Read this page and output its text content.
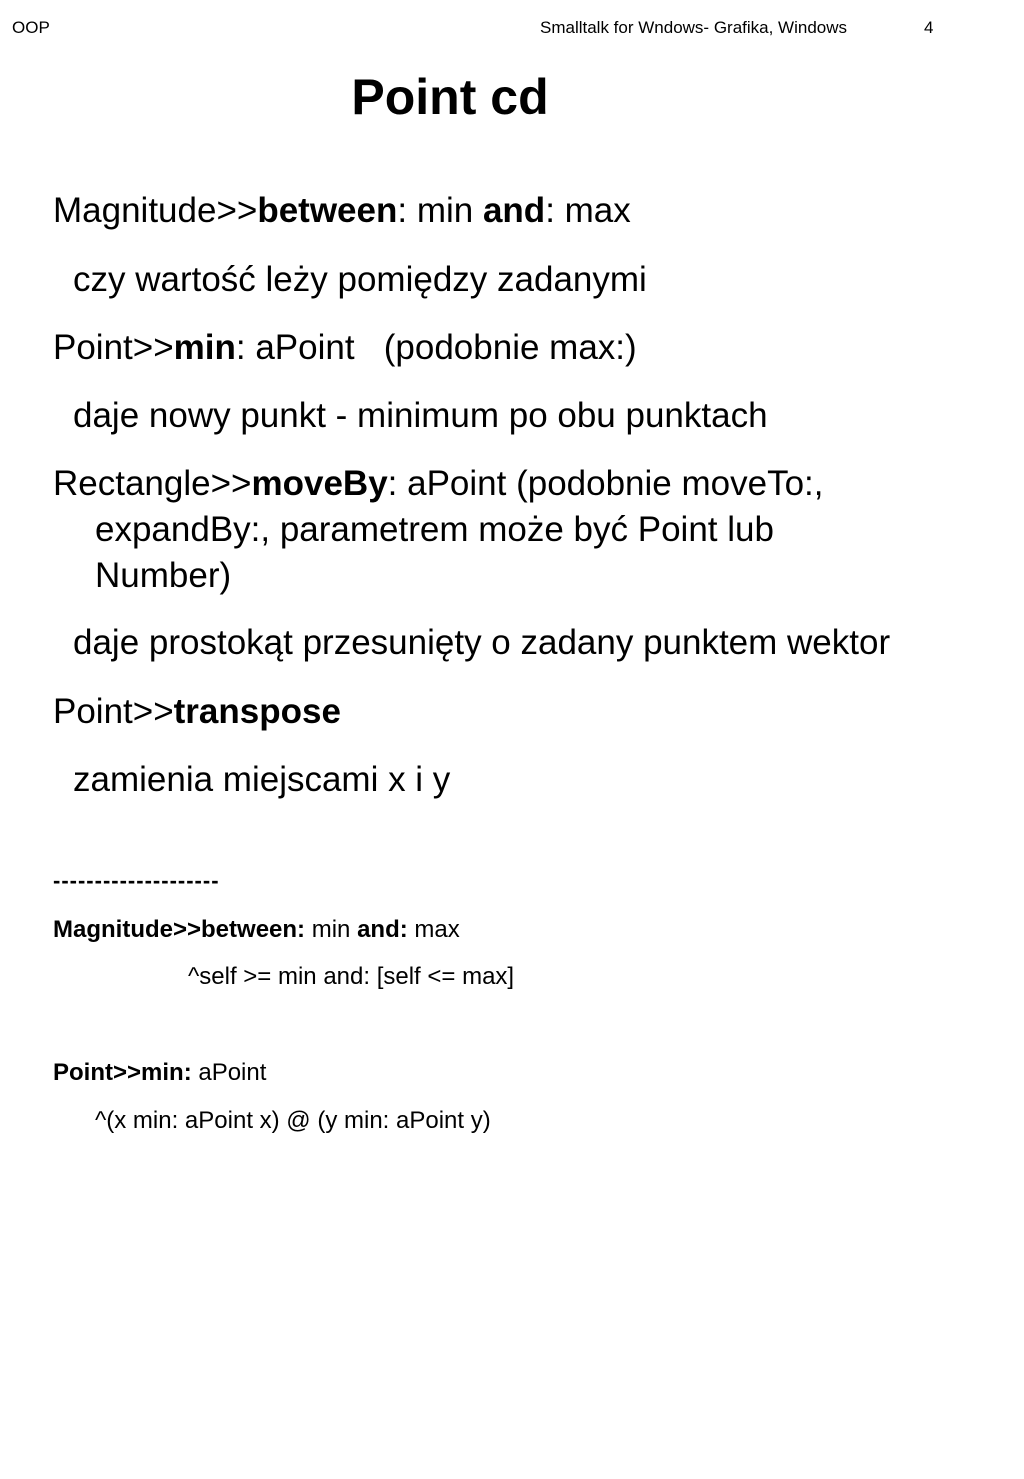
OOP	Smalltalk for Wndows- Grafika, Windows	4
Point cd
Magnitude>>between: min and: max
czy wartość leży pomiędzy zadanymi
Point>>min: aPoint   (podobnie max:)
daje nowy punkt - minimum po obu punktach
Rectangle>>moveBy: aPoint (podobnie moveTo:,
expandBy:, parametrem może być Point lub
Number)
daje prostokąt przesunięty o zadany punktem wektor
Point>>transpose
zamienia miejscami x i y
--------------------
Magnitude>>between: min and: max
^self >= min and: [self <= max]
Point>>min: aPoint
^(x min: aPoint x) @ (y min: aPoint y)
